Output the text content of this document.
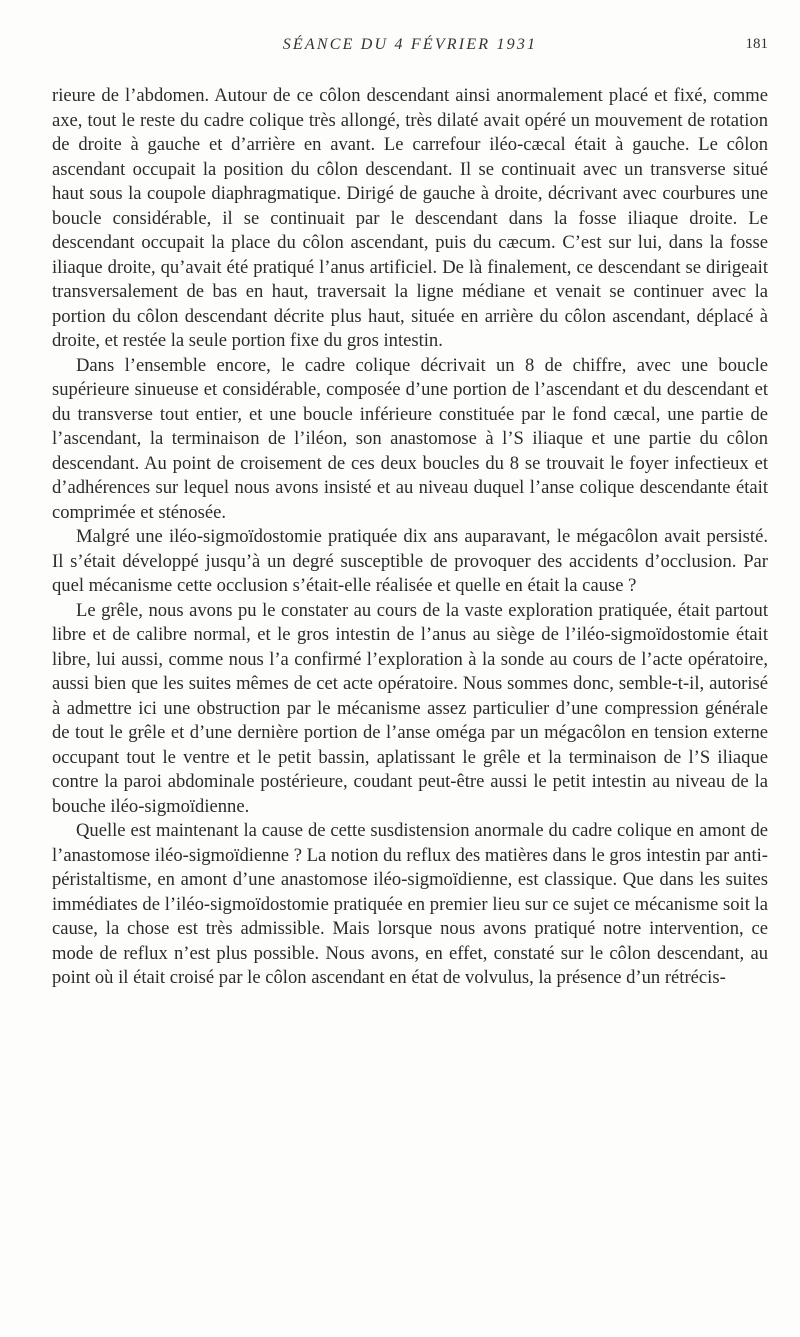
SÉANCE DU 4 FÉVRIER 1931	181

rieure de l’abdomen. Autour de ce côlon descendant ainsi anormalement placé et fixé, comme axe, tout le reste du cadre colique très allongé, très dilaté avait opéré un mouvement de rotation de droite à gauche et d’arrière en avant. Le carrefour iléo-cæcal était à gauche. Le côlon ascendant occupait la position du côlon descendant. Il se continuait avec un transverse situé haut sous la coupole diaphragmatique. Dirigé de gauche à droite, décrivant avec courbures une boucle considérable, il se continuait par le descendant dans la fosse iliaque droite. Le descendant occupait la place du côlon ascendant, puis du cæcum. C’est sur lui, dans la fosse iliaque droite, qu’avait été pratiqué l’anus artificiel. De là finalement, ce descendant se dirigeait transversalement de bas en haut, traversait la ligne médiane et venait se continuer avec la portion du côlon descendant décrite plus haut, située en arrière du côlon ascendant, déplacé à droite, et restée la seule portion fixe du gros intestin.

Dans l’ensemble encore, le cadre colique décrivait un 8 de chiffre, avec une boucle supérieure sinueuse et considérable, composée d’une portion de l’ascendant et du descendant et du transverse tout entier, et une boucle inférieure constituée par le fond cæcal, une partie de l’ascendant, la terminaison de l’iléon, son anastomose à l’S iliaque et une partie du côlon descendant. Au point de croisement de ces deux boucles du 8 se trouvait le foyer infectieux et d’adhérences sur lequel nous avons insisté et au niveau duquel l’anse colique descendante était comprimée et sténosée.

Malgré une iléo-sigmoïdostomie pratiquée dix ans auparavant, le mégacôlon avait persisté. Il s’était développé jusqu’à un degré susceptible de provoquer des accidents d’occlusion. Par quel mécanisme cette occlusion s’était-elle réalisée et quelle en était la cause ?

Le grêle, nous avons pu le constater au cours de la vaste exploration pratiquée, était partout libre et de calibre normal, et le gros intestin de l’anus au siège de l’iléo-sigmoïdostomie était libre, lui aussi, comme nous l’a confirmé l’exploration à la sonde au cours de l’acte opératoire, aussi bien que les suites mêmes de cet acte opératoire. Nous sommes donc, semble-t-il, autorisé à admettre ici une obstruction par le mécanisme assez particulier d’une compression générale de tout le grêle et d’une dernière portion de l’anse oméga par un mégacôlon en tension externe occupant tout le ventre et le petit bassin, aplatissant le grêle et la terminaison de l’S iliaque contre la paroi abdominale postérieure, coudant peut-être aussi le petit intestin au niveau de la bouche iléo-sigmoïdienne.

Quelle est maintenant la cause de cette susdistension anormale du cadre colique en amont de l’anastomose iléo-sigmoïdienne ? La notion du reflux des matières dans le gros intestin par anti-péristaltisme, en amont d’une anastomose iléo-sigmoïdienne, est classique. Que dans les suites immédiates de l’iléo-sigmoïdostomie pratiquée en premier lieu sur ce sujet ce mécanisme soit la cause, la chose est très admissible. Mais lorsque nous avons pratiqué notre intervention, ce mode de reflux n’est plus possible. Nous avons, en effet, constaté sur le côlon descendant, au point où il était croisé par le côlon ascendant en état de volvulus, la présence d’un rétrécis-
